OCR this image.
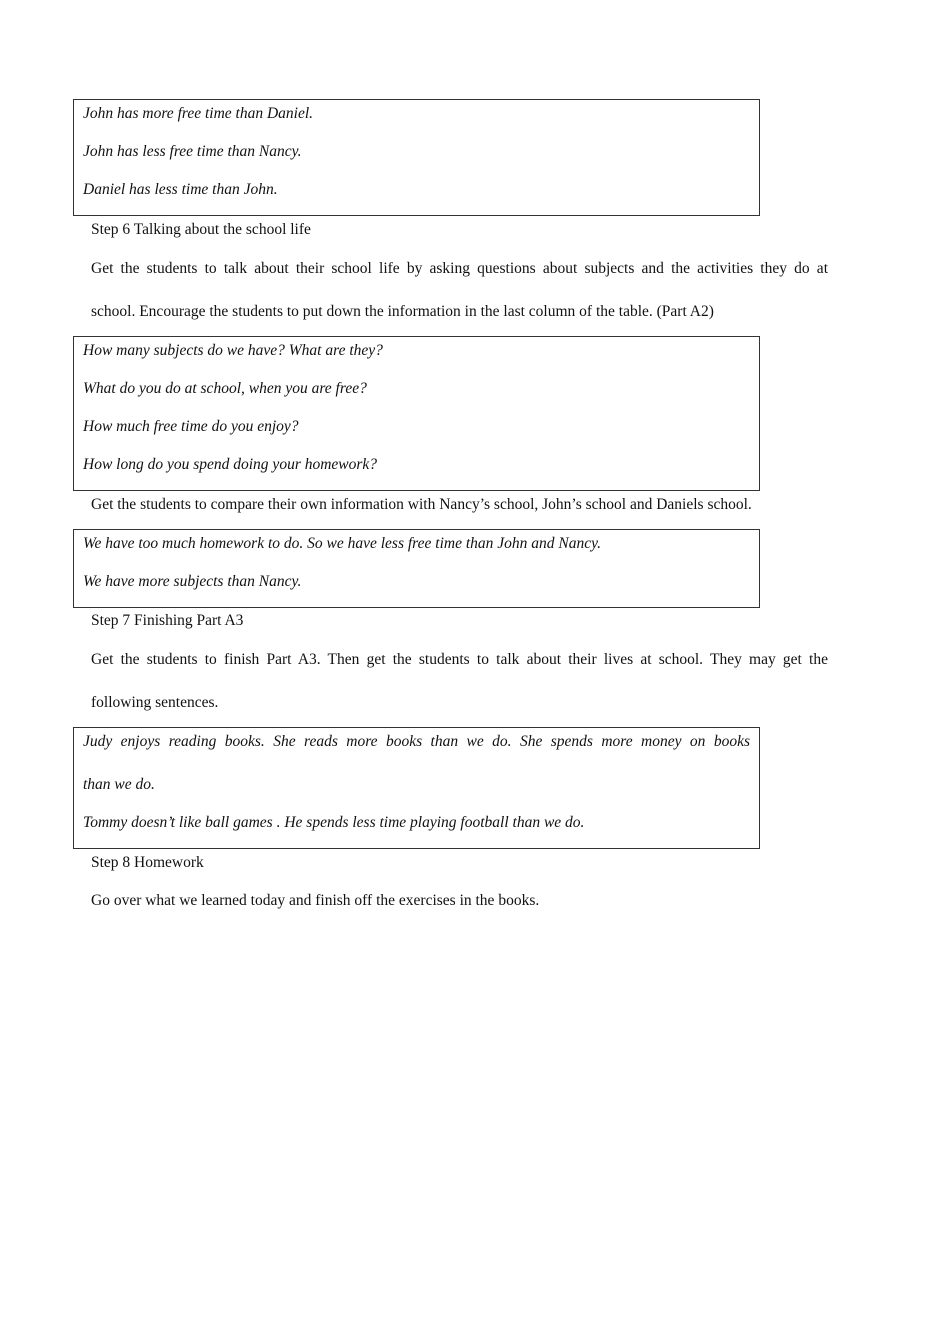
John has more free time than Daniel.
John has less free time than Nancy.
Daniel has less time than John.
Step 6 Talking about the school life
Get the students to talk about their school life by asking questions about subjects and the activities they do at
school. Encourage the students to put down the information in the last column of the table. (Part A2)
How many subjects do we have? What are they?
What do you do at school, when you are free?
How much free time do you enjoy?
How long do you spend doing your homework?
Get the students to compare their own information with Nancy’s school, John’s school and Daniels school.
We have too much homework to do. So we have less free time than John and Nancy.
We have more subjects than Nancy.
Step 7 Finishing Part A3
Get the students to finish Part A3. Then get the students to talk about their lives at school. They may get the
following sentences.
Judy enjoys reading books. She reads more books than we do. She spends more money on books
than we do.
Tommy doesn’t like ball games . He spends less time playing football than we do.
Step 8 Homework
Go over what we learned today and finish off the exercises in the books.
